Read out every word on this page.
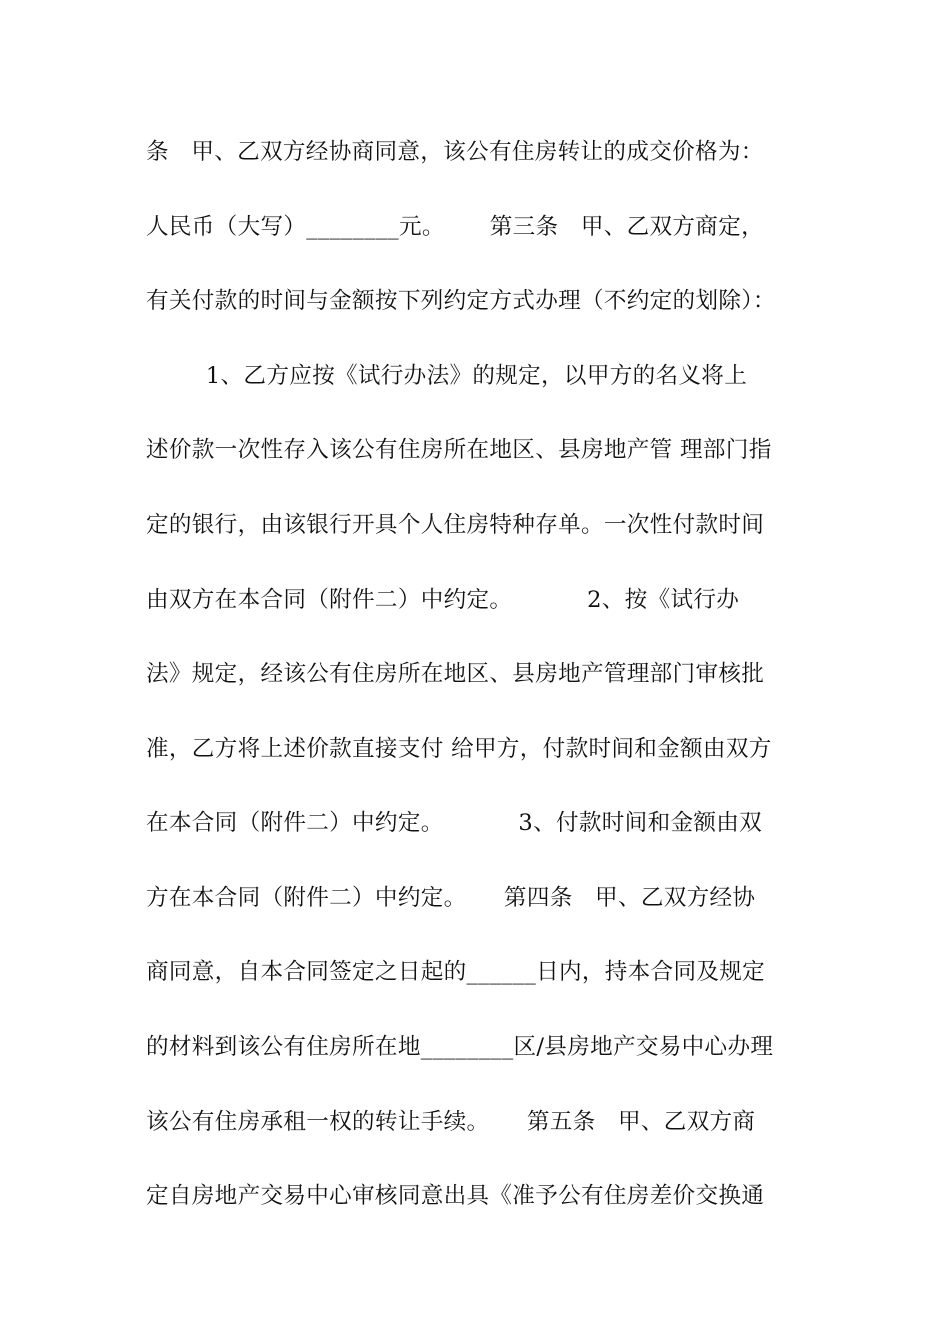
条   甲、乙双方经协商同意，该公有住房转让的成交价格为：
人民币（大写）________元。      第三条   甲、乙双方商定，
有关付款的时间与金额按下列约定方式办理（不约定的划除）：
1、乙方应按《试行办法》的规定，以甲方的名义将上
述价款一次性存入该公有住房所在地区、县房地产管 理部门指
定的银行，由该银行开具个人住房特种存单。一次性付款时间
由双方在本合同（附件二）中约定。          2、按《试行办
法》规定，经该公有住房所在地区、县房地产管理部门审核批
准，乙方将上述价款直接支付 给甲方，付款时间和金额由双方
在本合同（附件二）中约定。          3、付款时间和金额由双
方在本合同（附件二）中约定。     第四条   甲、乙双方经协
商同意，自本合同签定之日起的______日内，持本合同及规定
的材料到该公有住房所在地________区/县房地产交易中心办理
该公有住房承租一权的转让手续。     第五条   甲、乙双方商
定自房地产交易中心审核同意出具《准予公有住房差价交换通
